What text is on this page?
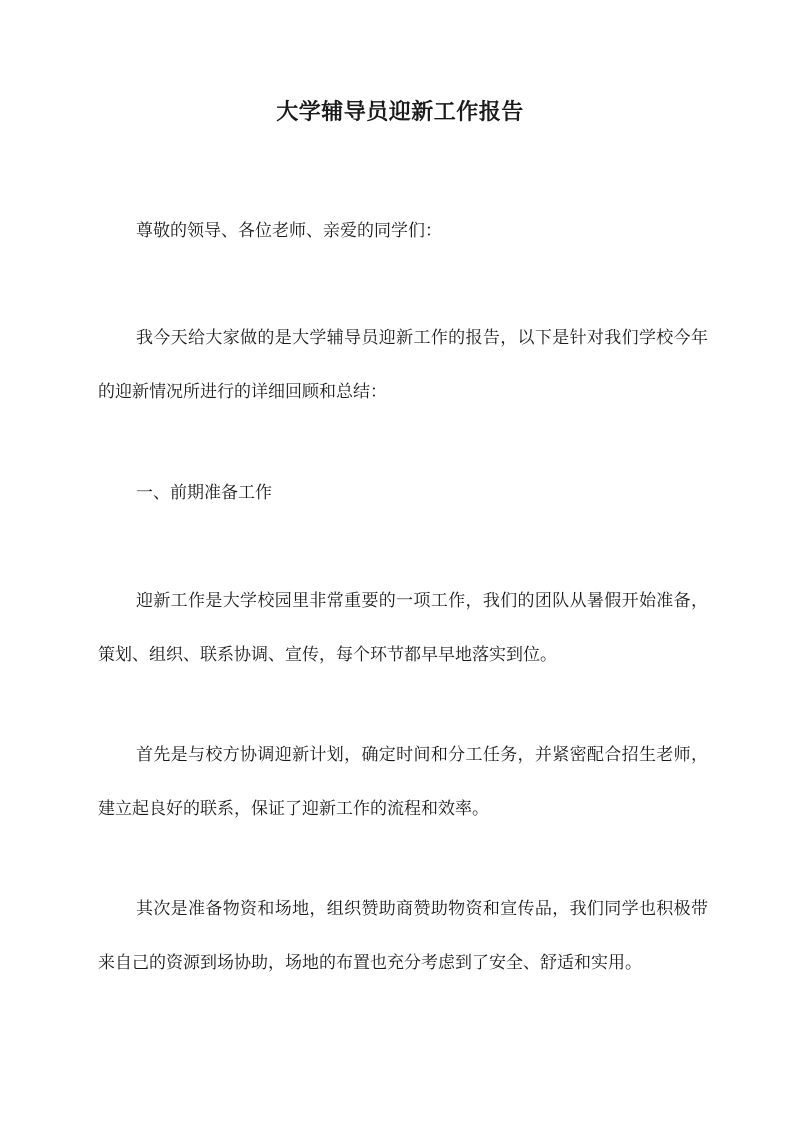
大学辅导员迎新工作报告

尊敬的领导、各位老师、亲爱的同学们：

我今天给大家做的是大学辅导员迎新工作的报告，以下是针对我们学校今年的迎新情况所进行的详细回顾和总结：

一、前期准备工作

迎新工作是大学校园里非常重要的一项工作，我们的团队从暑假开始准备，策划、组织、联系协调、宣传，每个环节都早早地落实到位。

首先是与校方协调迎新计划，确定时间和分工任务，并紧密配合招生老师，建立起良好的联系，保证了迎新工作的流程和效率。

其次是准备物资和场地，组织赞助商赞助物资和宣传品，我们同学也积极带来自己的资源到场协助，场地的布置也充分考虑到了安全、舒适和实用。
